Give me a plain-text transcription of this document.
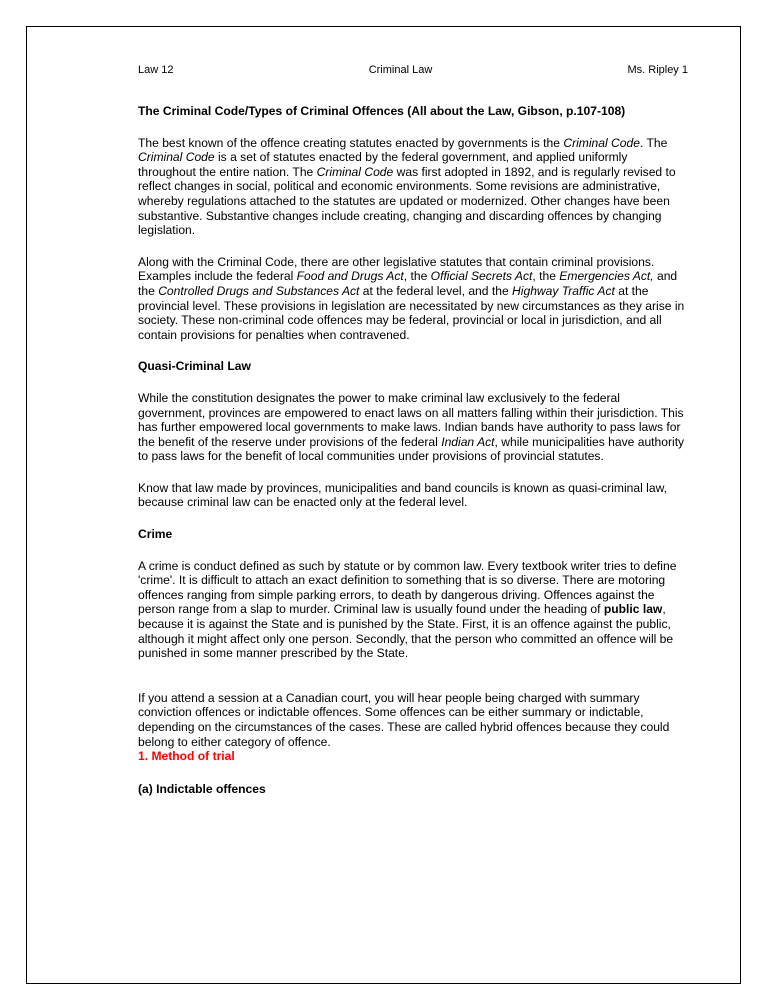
Law 12	Criminal Law	Ms. Ripley 1
The Criminal Code/Types of Criminal Offences (All about the Law, Gibson, p.107-108)

The best known of the offence creating statutes enacted by governments is the Criminal Code. The Criminal Code is a set of statutes enacted by the federal government, and applied uniformly throughout the entire nation. The Criminal Code was first adopted in 1892, and is regularly revised to reflect changes in social, political and economic environments. Some revisions are administrative, whereby regulations attached to the statutes are updated or modernized. Other changes have been substantive. Substantive changes include creating, changing and discarding offences by changing legislation.

Along with the Criminal Code, there are other legislative statutes that contain criminal provisions. Examples include the federal Food and Drugs Act, the Official Secrets Act, the Emergencies Act, and the Controlled Drugs and Substances Act at the federal level, and the Highway Traffic Act at the provincial level. These provisions in legislation are necessitated by new circumstances as they arise in society. These non-criminal code offences may be federal, provincial or local in jurisdiction, and all contain provisions for penalties when contravened.

Quasi-Criminal Law

While the constitution designates the power to make criminal law exclusively to the federal government, provinces are empowered to enact laws on all matters falling within their jurisdiction. This has further empowered local governments to make laws. Indian bands have authority to pass laws for the benefit of the reserve under provisions of the federal Indian Act, while municipalities have authority to pass laws for the benefit of local communities under provisions of provincial statutes.

Know that law made by provinces, municipalities and band councils is known as quasi-criminal law, because criminal law can be enacted only at the federal level.

Crime

A crime is conduct defined as such by statute or by common law. Every textbook writer tries to define 'crime'. It is difficult to attach an exact definition to something that is so diverse. There are motoring offences ranging from simple parking errors, to death by dangerous driving. Offences against the person range from a slap to murder. Criminal law is usually found under the heading of public law, because it is against the State and is punished by the State. First, it is an offence against the public, although it might affect only one person. Secondly, that the person who committed an offence will be punished in some manner prescribed by the State.

If you attend a session at a Canadian court, you will hear people being charged with summary conviction offences or indictable offences. Some offences can be either summary or indictable, depending on the circumstances of the cases. These are called hybrid offences because they could belong to either category of offence.

1. Method of trial
(a) Indictable offences
